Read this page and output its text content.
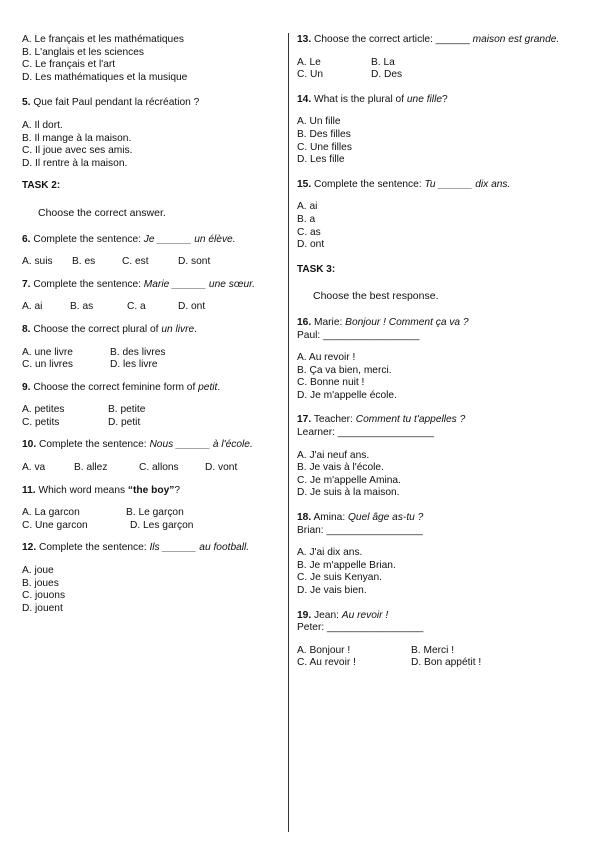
A. Le français et les mathématiques
B. L'anglais et les sciences
C. Le français et l'art
D. Les mathématiques et la musique

5. Que fait Paul pendant la récréation ?

A. Il dort.
B. Il mange à la maison.
C. Il joue avec ses amis.
D. Il rentre à la maison.

TASK 2:

Choose the correct answer.

6. Complete the sentence: Je ______ un élève.

A. suis	B. es	C. est	D. sont

7. Complete the sentence: Marie ______ une sœur.

A. ai	B. as	C. a	D. ont

8. Choose the correct plural of un livre.

A. une livre	B. des livres
C. un livres	D. les livre

9. Choose the correct feminine form of petit.

A. petites	B. petite
C. petits	D. petit

10. Complete the sentence: Nous ______ à l'école.

A. va	B. allez	C. allons	D. vont

11. Which word means “the boy”?

A. La garcon	B. Le garçon
C. Une garcon	D. Les garçon

12. Complete the sentence: Ils ______ au football.

A. joue
B. joues
C. jouons
D. jouent

13. Choose the correct article: ______ maison est grande.

A. Le	B. La
C. Un	D. Des

14. What is the plural of une fille?

A. Un fille
B. Des filles
C. Une filles
D. Les fille

15. Complete the sentence: Tu ______ dix ans.

A. ai
B. a
C. as
D. ont

TASK 3:

Choose the best response.

16. Marie: Bonjour ! Comment ça va ?

Paul: _________________

A. Au revoir !
B. Ça va bien, merci.
C. Bonne nuit !
D. Je m'appelle école.

17. Teacher: Comment tu t'appelles ?

Learner: _________________

A. J'ai neuf ans.
B. Je vais à l'école.
C. Je m'appelle Amina.
D. Je suis à la maison.

18. Amina: Quel âge as-tu ?

Brian: _________________

A. J'ai dix ans.
B. Je m'appelle Brian.
C. Je suis Kenyan.
D. Je vais bien.

19. Jean: Au revoir !

Peter: _________________

A. Bonjour !	B. Merci !
C. Au revoir !	D. Bon appétit !
